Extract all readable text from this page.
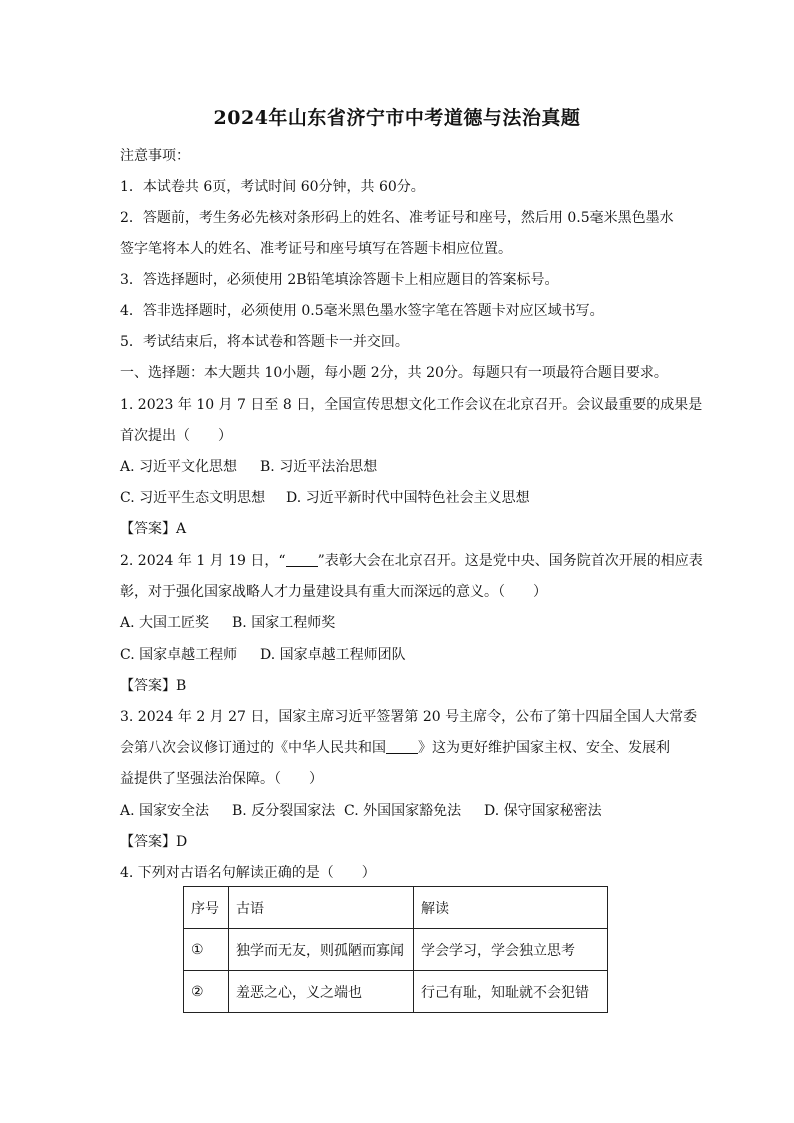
2024年山东省济宁市中考道德与法治真题
注意事项：
1．本试卷共 6页，考试时间 60分钟，共 60分。
2．答题前，考生务必先核对条形码上的姓名、准考证号和座号，然后用 0.5毫米黑色墨水
签字笔将本人的姓名、准考证号和座号填写在答题卡相应位置。
3．答选择题时，必须使用 2B铅笔填涂答题卡上相应题目的答案标号。
4．答非选择题时，必须使用 0.5毫米黑色墨水签字笔在答题卡对应区域书写。
5．考试结束后，将本试卷和答题卡一并交回。
一、选择题：本大题共 10小题，每小题 2分，共 20分。每题只有一项最符合题目要求。
1. 2023 年 10 月 7 日至 8 日，全国宣传思想文化工作会议在北京召开。会议最重要的成果是
首次提出（　　）
A. 习近平文化思想 B. 习近平法治思想
C. 习近平生态文明思想 D. 习近平新时代中国特色社会主义思想
【答案】A
2. 2024 年 1 月 19 日，“ ”表彰大会在北京召开。这是党中央、国务院首次开展的相应表
彰，对于强化国家战略人才力量建设具有重大而深远的意义。（　　）
A. 大国工匠奖 B. 国家工程师奖
C. 国家卓越工程师 D. 国家卓越工程师团队
【答案】B
3. 2024 年 2 月 27 日，国家主席习近平签署第 20 号主席令，公布了第十四届全国人大常委
会第八次会议修订通过的《中华人民共和国 》这为更好维护国家主权、安全、发展利
益提供了坚强法治保障。（　　）
A. 国家安全法 B. 反分裂国家法 C. 外国国家豁免法 D. 保守国家秘密法
【答案】D
4. 下列对古语名句解读正确的是（　　）
序号	古语	解读
①	独学而无友，则孤陋而寡闻	学会学习，学会独立思考
②	羞恶之心，义之端也	行己有耻，知耻就不会犯错
